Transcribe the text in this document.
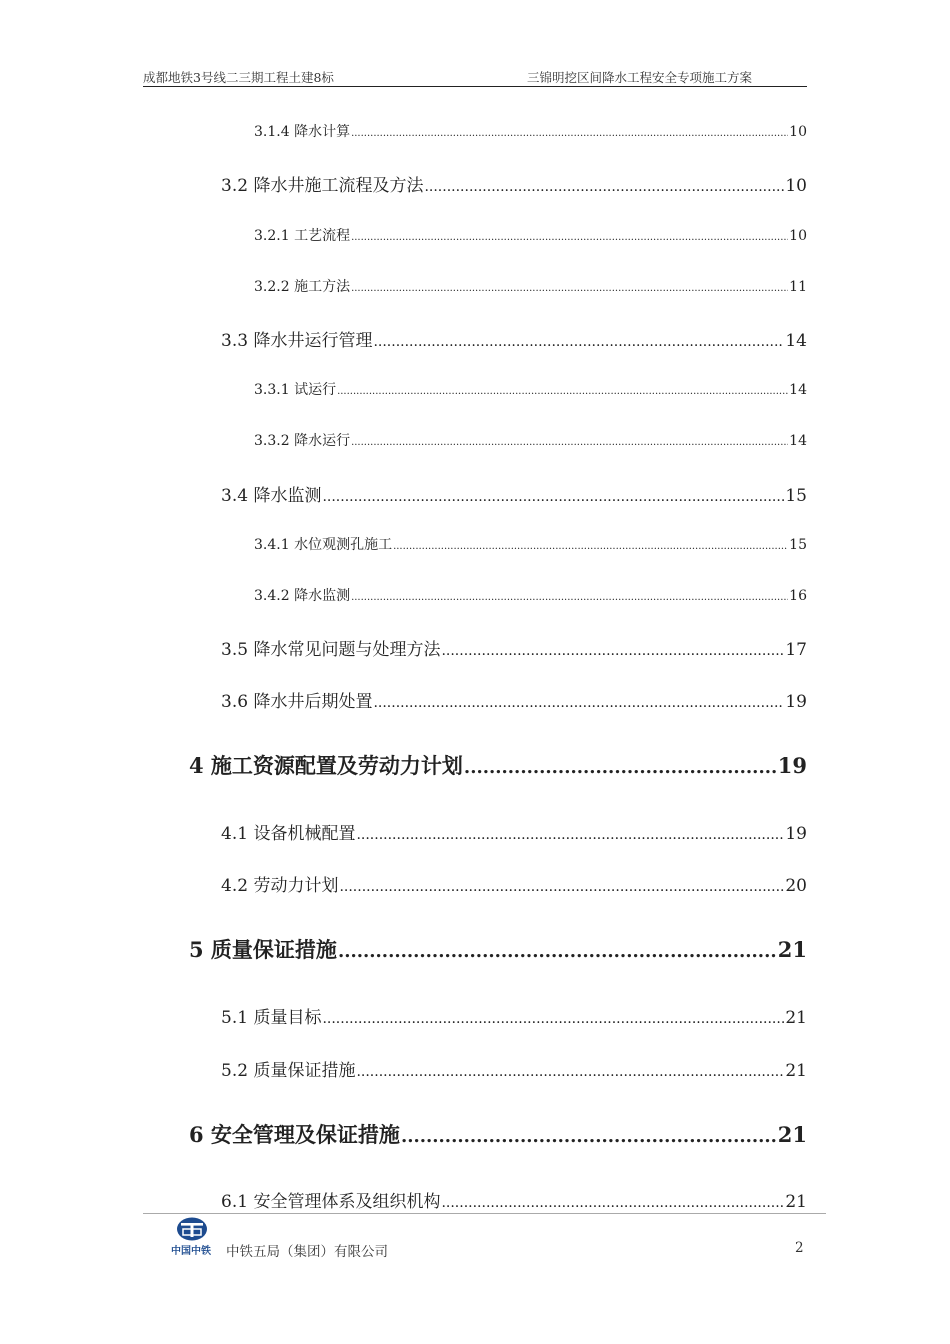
成都地铁3号线二三期工程土建8标	三锦明挖区间降水工程安全专项施工方案
3.1.4 降水计算 .....	10
3.2 降水井施工流程及方法 .....	10
3.2.1 工艺流程 .....	10
3.2.2 施工方法 .....	11
3.3 降水井运行管理 .....	14
3.3.1 试运行 .....	14
3.3.2 降水运行 .....	14
3.4 降水监测 .....	15
3.4.1 水位观测孔施工 .....	15
3.4.2 降水监测 .....	16
3.5 降水常见问题与处理方法 .....	17
3.6 降水井后期处置 .....	19
4 施工资源配置及劳动力计划 .....	19
4.1 设备机械配置 .....	19
4.2 劳动力计划 .....	20
5 质量保证措施 .....	21
5.1 质量目标 .....	21
5.2 质量保证措施 .....	21
6 安全管理及保证措施 .....	21
6.1 安全管理体系及组织机构 .....	21
中国中铁 中铁五局（集团）有限公司	2
